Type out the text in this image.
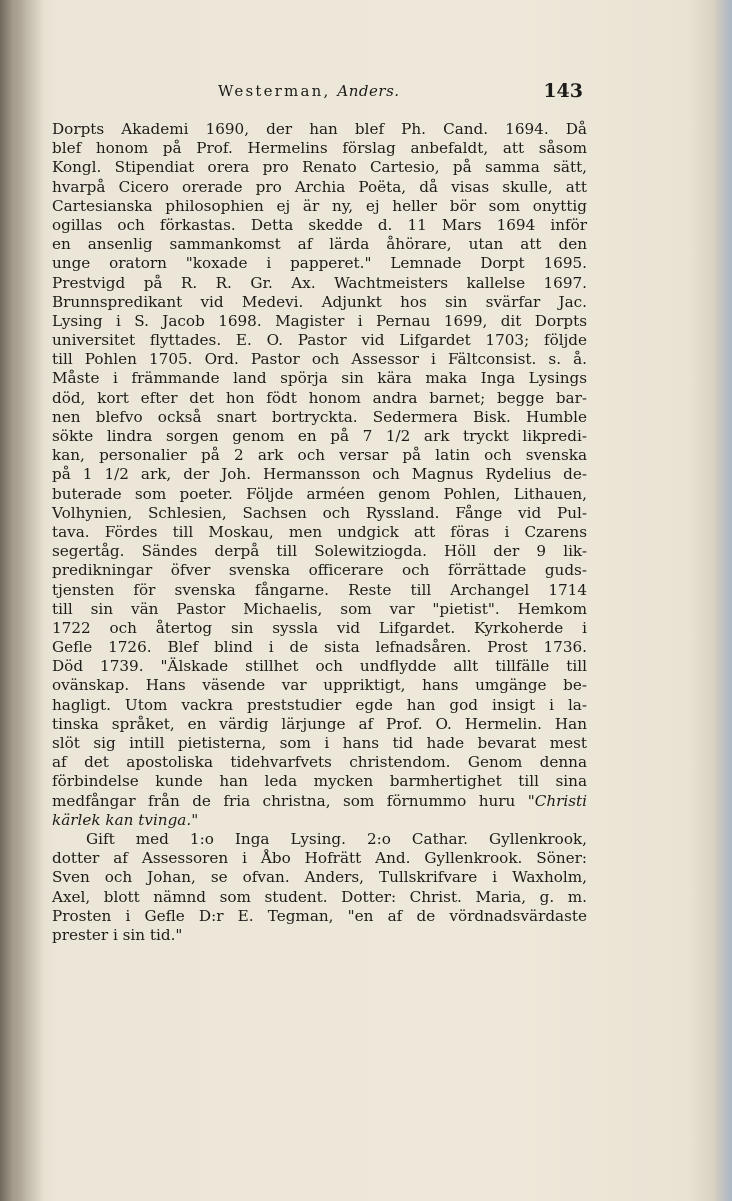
Westerman, Anders.	143
Dorpts Akademi 1690, der han blef Ph. Cand. 1694. Då
blef honom på Prof. Hermelins förslag anbefaldt, att såsom
Kongl. Stipendiat orera pro Renato Cartesio, på samma sätt,
hvarpå Cicero orerade pro Archia Poëta, då visas skulle, att
Cartesianska philosophien ej är ny, ej heller bör som onyttig
ogillas och förkastas. Detta skedde d. 11 Mars 1694 inför
en ansenlig sammankomst af lärda åhörare, utan att den
unge oratorn "koxade i papperet." Lemnade Dorpt 1695.
Prestvigd på R. R. Gr. Ax. Wachtmeisters kallelse 1697.
Brunnspredikant vid Medevi. Adjunkt hos sin svärfar Jac.
Lysing i S. Jacob 1698. Magister i Pernau 1699, dit Dorpts
universitet flyttades. E. O. Pastor vid Lifgardet 1703; följde
till Pohlen 1705. Ord. Pastor och Assessor i Fältconsist. s. å.
Måste i främmande land spörja sin kära maka Inga Lysings
död, kort efter det hon födt honom andra barnet; begge bar-
nen blefvo också snart bortryckta. Sedermera Bisk. Humble
sökte lindra sorgen genom en på 7 1/2 ark tryckt likpredi-
kan, personalier på 2 ark och versar på latin och svenska
på 1 1/2 ark, der Joh. Hermansson och Magnus Rydelius de-
buterade som poeter. Följde arméen genom Pohlen, Lithauen,
Volhynien, Schlesien, Sachsen och Ryssland. Fånge vid Pul-
tava. Fördes till Moskau, men undgick att föras i Czarens
segertåg. Sändes derpå till Solewitziogda. Höll der 9 lik-
predikningar öfver svenska officerare och förrättade guds-
tjensten för svenska fångarne. Reste till Archangel 1714
till sin vän Pastor Michaelis, som var "pietist". Hemkom
1722 och återtog sin syssla vid Lifgardet. Kyrkoherde i
Gefle 1726. Blef blind i de sista lefnadsåren. Prost 1736.
Död 1739. "Älskade stillhet och undflydde allt tillfälle till
ovänskap. Hans väsende var uppriktigt, hans umgänge be-
hagligt. Utom vackra preststudier egde han god insigt i la-
tinska språket, en värdig lärjunge af Prof. O. Hermelin. Han
slöt sig intill pietisterna, som i hans tid hade bevarat mest
af det apostoliska tidehvarfvets christendom. Genom denna
förbindelse kunde han leda mycken barmhertighet till sina
medfångar från de fria christna, som förnummo huru "Christi
kärlek kan tvinga."
Gift med 1:o Inga Lysing. 2:o Cathar. Gyllenkrook,
dotter af Assessoren i Åbo Hofrätt And. Gyllenkrook. Söner:
Sven och Johan, se ofvan. Anders, Tullskrifvare i Waxholm,
Axel, blott nämnd som student. Dotter: Christ. Maria, g. m.
Prosten i Gefle D:r E. Tegman, "en af de vördnadsvärdaste
prester i sin tid."
